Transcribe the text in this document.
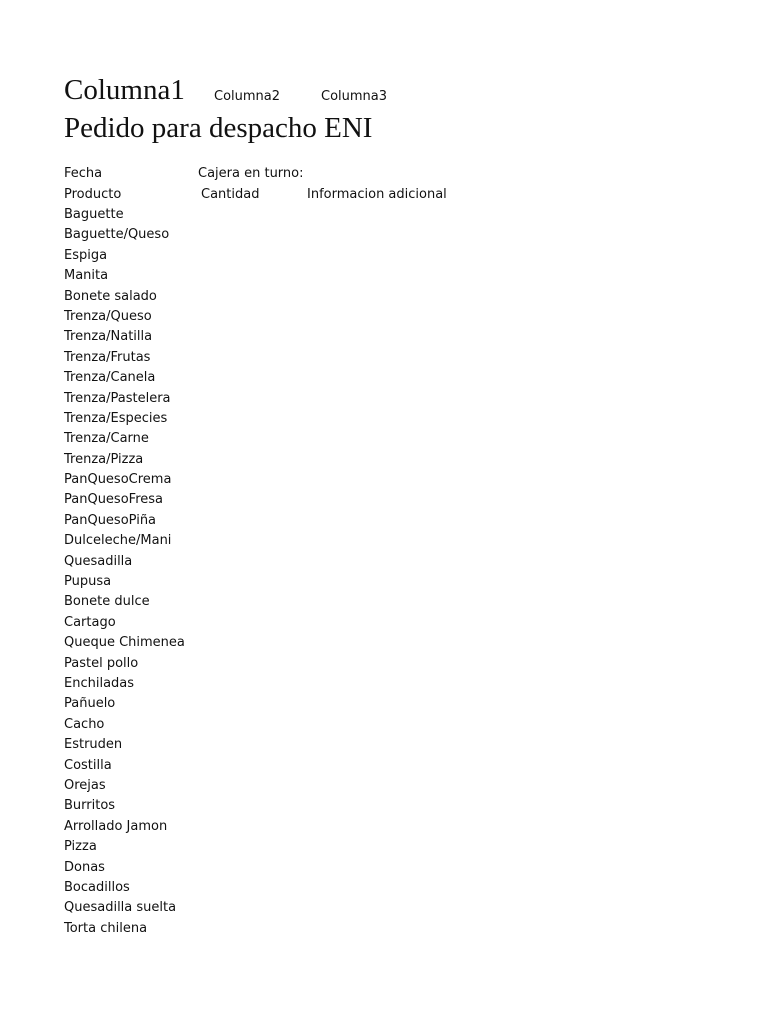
Columna1 Columna2	Columna3
Pedido para despacho ENI
Fecha	Cajera en turno:
Producto	Cantidad	Informacion adicional
Baguette
Baguette/Queso
Espiga
Manita
Bonete salado
Trenza/Queso
Trenza/Natilla
Trenza/Frutas
Trenza/Canela
Trenza/Pastelera
Trenza/Especies
Trenza/Carne
Trenza/Pizza
PanQuesoCrema
PanQuesoFresa
PanQuesoPiña
Dulceleche/Mani
Quesadilla
Pupusa
Bonete dulce
Cartago
Queque Chimenea
Pastel pollo
Enchiladas
Pañuelo
Cacho
Estruden
Costilla
Orejas
Burritos
Arrollado Jamon
Pizza
Donas
Bocadillos
Quesadilla suelta
Torta chilena
